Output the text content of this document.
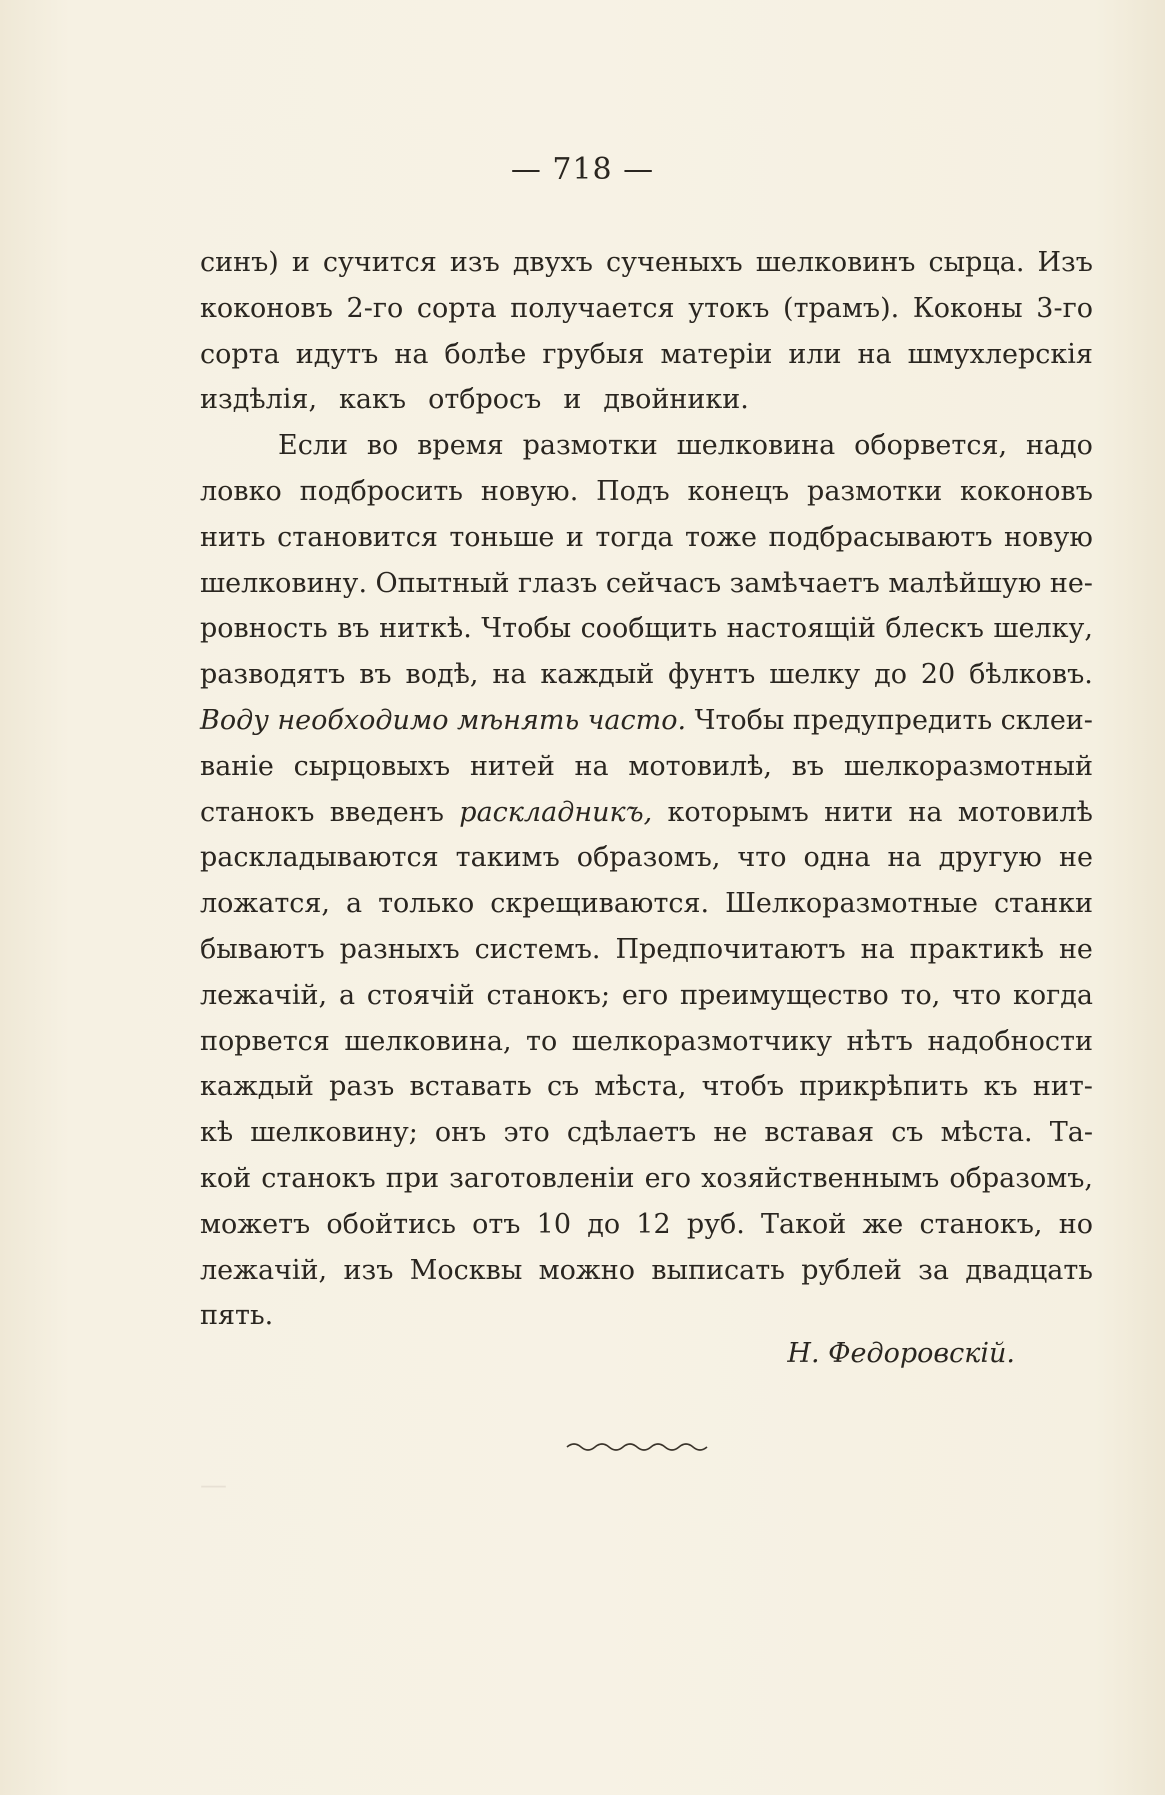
—
— 718 —
синъ) и сучится изъ двухъ сученыхъ шелковинъ сырца. Изъ
коконовъ 2-го сорта получается утокъ (трамъ). Коконы 3-го
сорта идутъ на болѣе грубыя матеріи или на шмухлерскія
издѣлія, какъ отбросъ и двойники.
Если во время размотки шелковина оборвется, надо
ловко подбросить новую. Подъ конецъ размотки коконовъ
нить становится тоньше и тогда тоже подбрасываютъ новую
шелковину. Опытный глазъ сейчасъ замѣчаетъ малѣйшую не-
ровность въ ниткѣ. Чтобы сообщить настоящій блескъ шелку,
разводятъ въ водѣ, на каждый фунтъ шелку до 20 бѣлковъ.
Воду необходимо мѣнять часто. Чтобы предупредить склеи-
ваніе сырцовыхъ нитей на мотовилѣ, въ шелкоразмотный
станокъ введенъ раскладникъ, которымъ нити на мотовилѣ
раскладываются такимъ образомъ, что одна на другую не
ложатся, а только скрещиваются. Шелкоразмотные станки
бываютъ разныхъ системъ. Предпочитаютъ на практикѣ не
лежачій, а стоячій станокъ; его преимущество то, что когда
порвется шелковина, то шелкоразмотчику нѣтъ надобности
каждый разъ вставать съ мѣста, чтобъ прикрѣпить къ нит-
кѣ шелковину; онъ это сдѣлаетъ не вставая съ мѣста. Та-
кой станокъ при заготовленіи его хозяйственнымъ образомъ,
можетъ обойтись отъ 10 до 12 руб. Такой же станокъ, но
лежачій, изъ Москвы можно выписать рублей за двадцать
пять.
Н. Федоровскій.
